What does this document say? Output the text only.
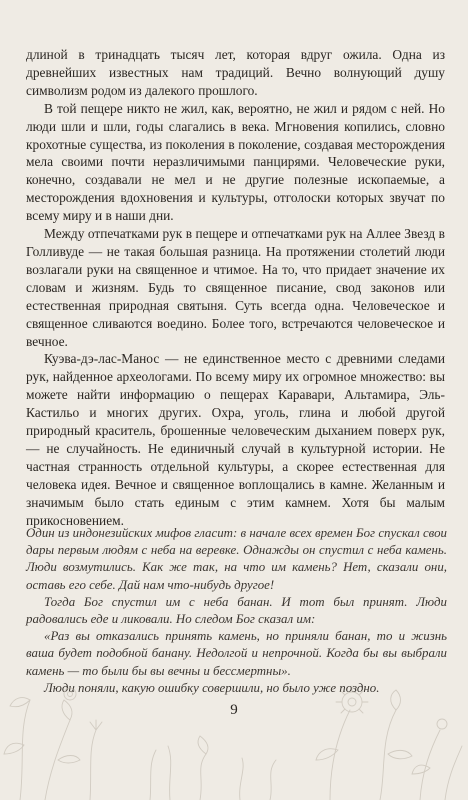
длиной в тринадцать тысяч лет, которая вдруг ожила. Одна из древнейших известных нам традиций. Вечно волнующий душу символизм родом из далекого прошлого.

В той пещере никто не жил, как, вероятно, не жил и рядом с ней. Но люди шли и шли, годы слагались в века. Мгновения копились, словно крохотные существа, из поколения в поколение, создавая месторождения мела своими почти неразличимыми панцирями. Человеческие руки, конечно, создавали не мел и не другие полезные ископаемые, а месторождения вдохновения и культуры, отголоски которых звучат по всему миру и в наши дни.

Между отпечатками рук в пещере и отпечатками рук на Аллее Звезд в Голливуде — не такая большая разница. На протяжении столетий люди возлагали руки на священное и чтимое. На то, что придает значение их словам и жизням. Будь то священное писание, свод законов или естественная природная святыня. Суть всегда одна. Человеческое и священное сливаются воедино. Более того, встречаются человеческое и вечное.

Куэва-дэ-лас-Манос — не единственное место с древними следами рук, найденное археологами. По всему миру их огромное множество: вы можете найти информацию о пещерах Каравари, Альтамира, Эль-Кастильо и многих других. Охра, уголь, глина и любой другой природный краситель, брошенные человеческим дыханием поверх рук, — не случайность. Не единичный случай в культурной истории. Не частная странность отдельной культуры, а скорее естественная для человека идея. Вечное и священное воплощались в камне. Желанным и значимым было стать единым с этим камнем. Хотя бы малым прикосновением.

Один из индонезийских мифов гласит: в начале всех времен Бог спускал свои дары первым людям с неба на веревке. Однажды он спустил с неба камень. Люди возмутились. Как же так, на что им камень? Нет, сказали они, оставь его себе. Дай нам что-нибудь другое!

Тогда Бог спустил им с неба банан. И тот был принят. Люди радовались еде и ликовали. Но следом Бог сказал им:

«Раз вы отказались принять камень, но приняли банан, то и жизнь ваша будет подобной банану. Недолгой и непрочной. Когда бы вы выбрали камень — то были бы вы вечны и бессмертны».

Люди поняли, какую ошибку совершили, но было уже поздно.

9
